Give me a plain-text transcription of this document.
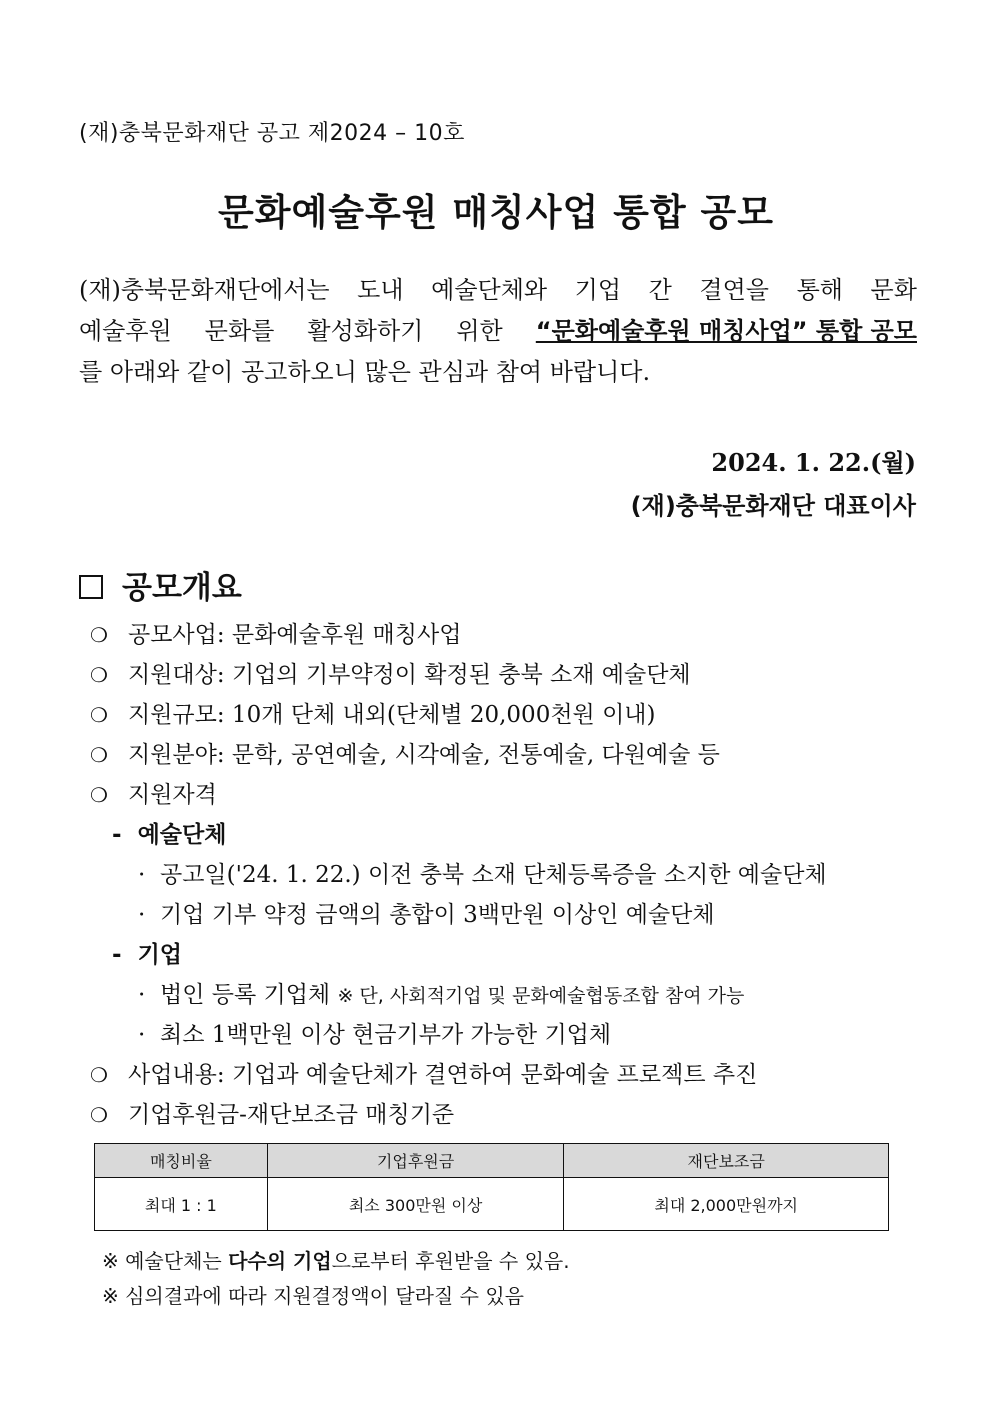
(재)충북문화재단 공고 제2024 – 10호
문화예술후원 매칭사업 통합 공모
(재)충북문화재단에서는 도내 예술단체와 기업 간 결연을 통해 문화
예술후원 문화를 활성화하기 위한 “문화예술후원 매칭사업” 통합 공모
를 아래와 같이 공고하오니 많은 관심과 참여 바랍니다.
2024. 1. 22.(월)
(재)충북문화재단 대표이사
공모개요
❍ 공모사업: 문화예술후원 매칭사업
❍ 지원대상: 기업의 기부약정이 확정된 충북 소재 예술단체
❍ 지원규모: 10개 단체 내외(단체별 20,000천원 이내)
❍ 지원분야: 문학, 공연예술, 시각예술, 전통예술, 다원예술 등
❍ 지원자격
- 예술단체
· 공고일('24. 1. 22.) 이전 충북 소재 단체등록증을 소지한 예술단체
· 기업 기부 약정 금액의 총합이 3백만원 이상인 예술단체
- 기업
· 법인 등록 기업체 ※ 단, 사회적기업 및 문화예술협동조합 참여 가능
· 최소 1백만원 이상 현금기부가 가능한 기업체
❍ 사업내용: 기업과 예술단체가 결연하여 문화예술 프로젝트 추진
❍ 기업후원금-재단보조금 매칭기준
매칭비율	기업후원금	재단보조금
최대 1 : 1	최소 300만원 이상	최대 2,000만원까지
※ 예술단체는 다수의 기업으로부터 후원받을 수 있음.
※ 심의결과에 따라 지원결정액이 달라질 수 있음
